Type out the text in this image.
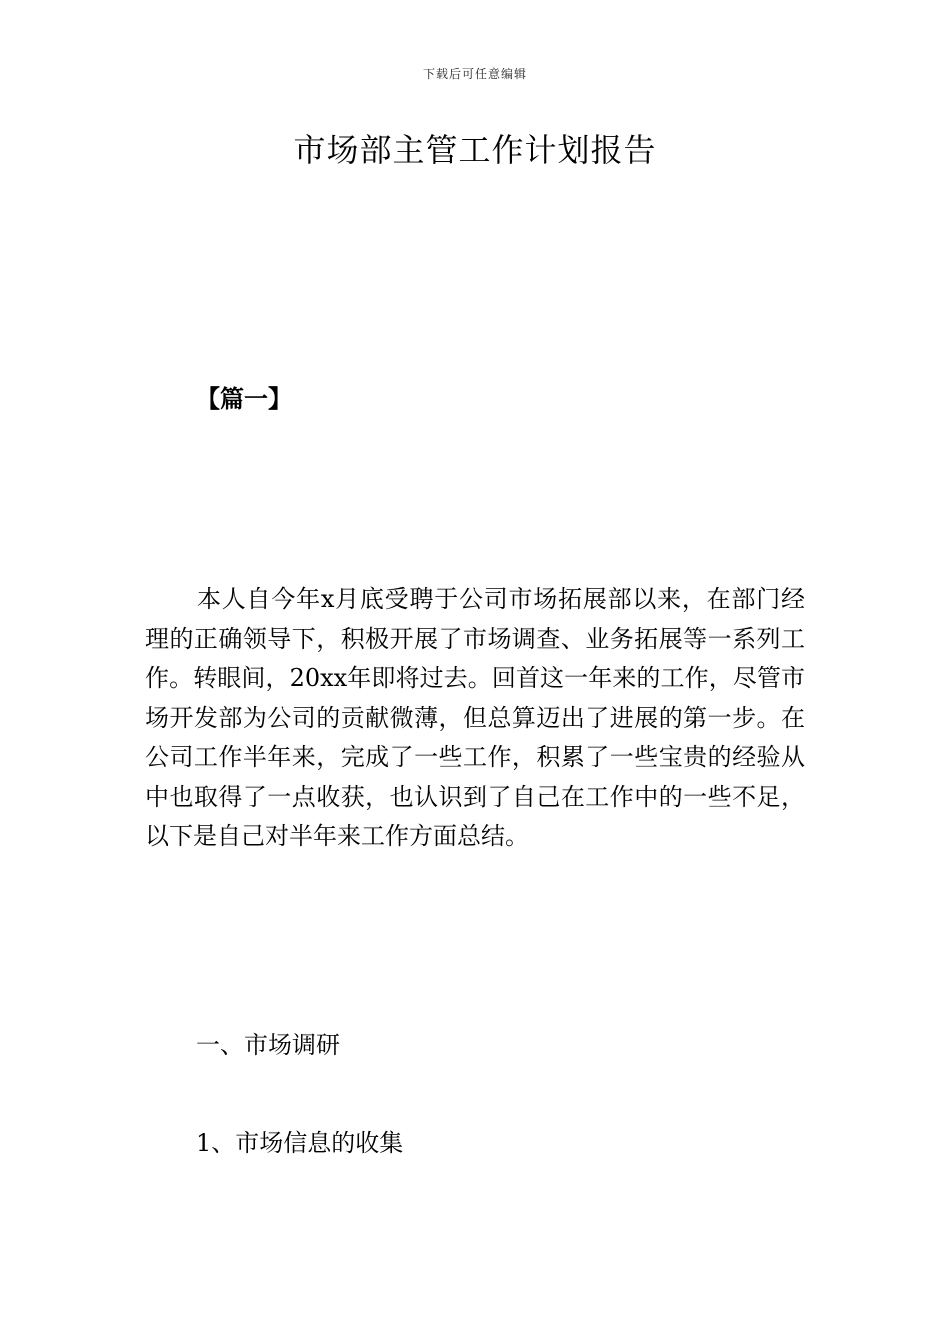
下载后可任意编辑
市场部主管工作计划报告
【篇一】

本人自今年x月底受聘于公司市场拓展部以来，在部门经理的正确领导下，积极开展了市场调查、业务拓展等一系列工作。转眼间，20xx年即将过去。回首这一年来的工作，尽管市场开发部为公司的贡献微薄，但总算迈出了进展的第一步。在公司工作半年来，完成了一些工作，积累了一些宝贵的经验从中也取得了一点收获，也认识到了自己在工作中的一些不足，以下是自己对半年来工作方面总结。

一、市场调研

1、市场信息的收集
